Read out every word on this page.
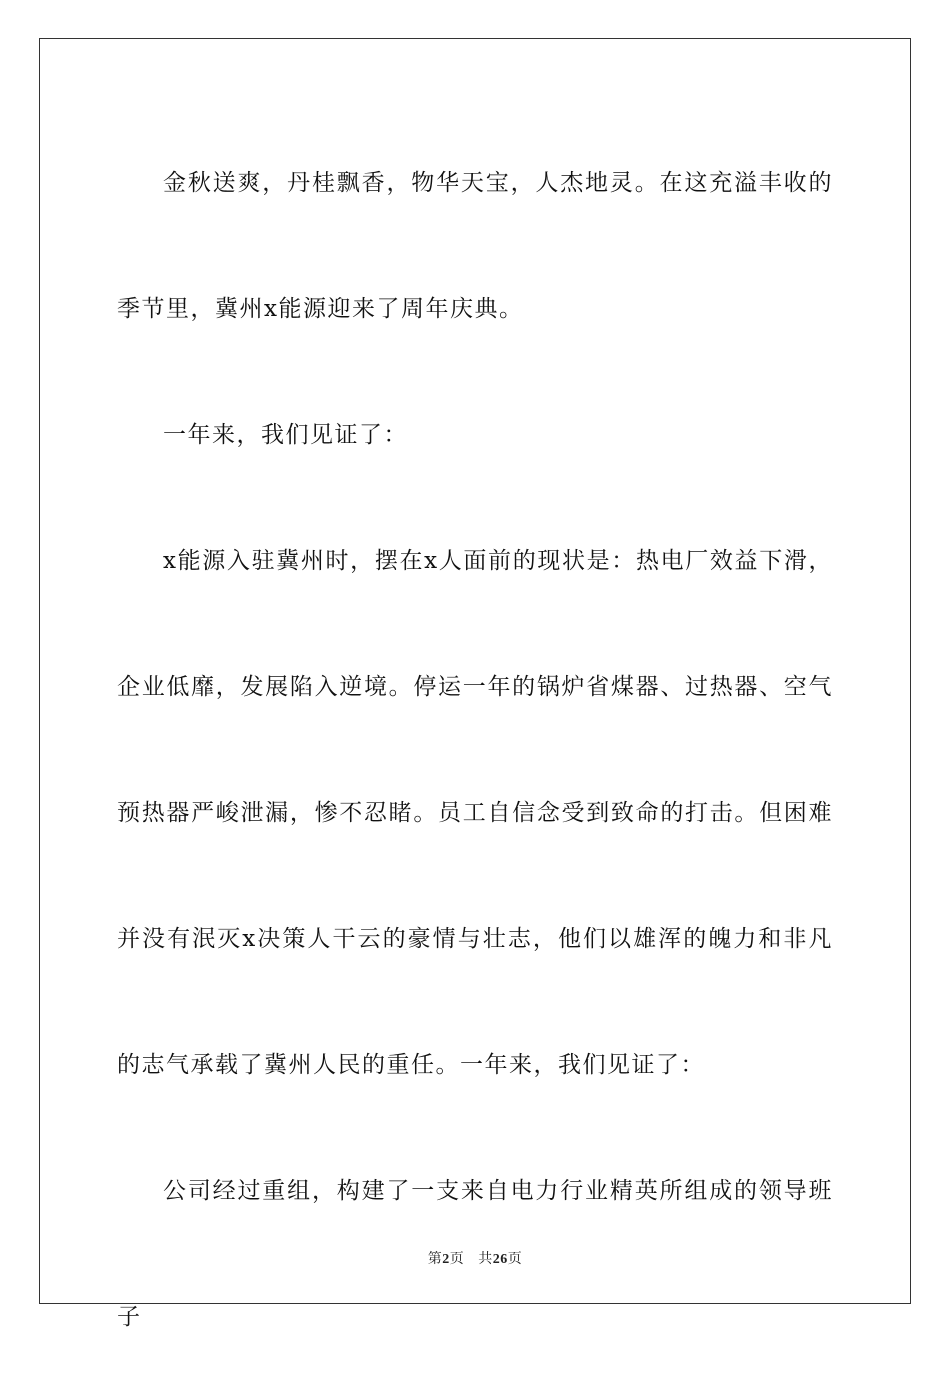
金秋送爽，丹桂飘香，物华天宝，人杰地灵。在这充溢丰收的季节里，冀州x能源迎来了周年庆典。

一年来，我们见证了：

x能源入驻冀州时，摆在x人面前的现状是：热电厂效益下滑，企业低靡，发展陷入逆境。停运一年的锅炉省煤器、过热器、空气预热器严峻泄漏，惨不忍睹。员工自信念受到致命的打击。但困难并没有泯灭x决策人干云的豪情与壮志，他们以雄浑的魄力和非凡的志气承载了冀州人民的重任。一年来，我们见证了：

公司经过重组，构建了一支来自电力行业精英所组成的领导班子

第2页 共26页
